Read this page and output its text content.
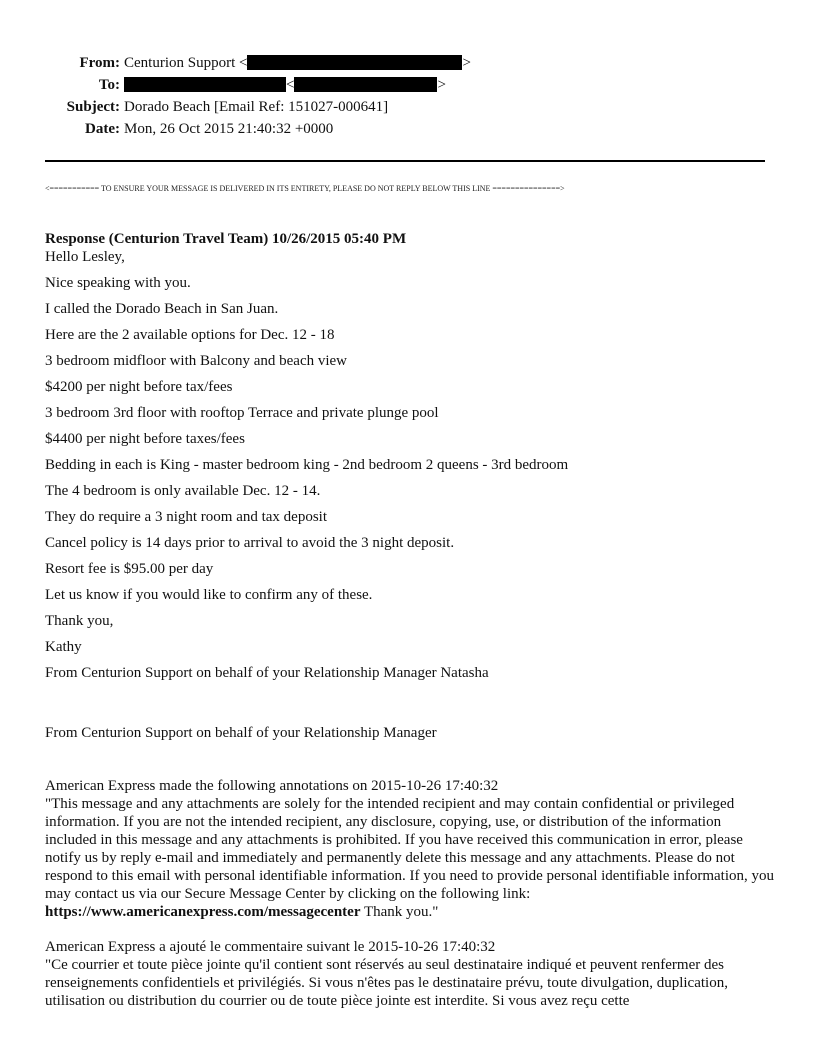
From: Centurion Support <	>
To:	<	>
Subject: Dorado Beach [Email Ref: 151027-000641]
Date: Mon, 26 Oct 2015 21:40:32 +0000
<=========== TO ENSURE YOUR MESSAGE IS DELIVERED IN ITS ENTIRETY, PLEASE DO NOT REPLY BELOW THIS LINE ===============>
Response (Centurion Travel Team) 10/26/2015 05:40 PM
Hello Lesley,
Nice speaking with you.
I called the Dorado Beach in San Juan.
Here are the 2 available options for Dec. 12 - 18
3 bedroom midfloor with Balcony and beach view
$4200 per night before tax/fees
3 bedroom 3rd floor with rooftop Terrace and private plunge pool
$4400 per night before taxes/fees
Bedding in each is King - master bedroom king - 2nd bedroom 2 queens - 3rd bedroom
The 4 bedroom is only available Dec. 12 - 14.
They do require a 3 night room and tax deposit
Cancel policy is 14 days prior to arrival to avoid the 3 night deposit.
Resort fee is $95.00 per day
Let us know if you would like to confirm any of these.
Thank you,
Kathy
From Centurion Support on behalf of your Relationship Manager Natasha
From Centurion Support on behalf of your Relationship Manager

American Express made the following annotations on 2015-10-26 17:40:32

"This message and any attachments are solely for the intended recipient and may contain confidential or privileged information. If you are not the intended recipient, any disclosure, copying, use, or distribution of the information included in this message and any attachments is prohibited. If you have received this communication in error, please notify us by reply e-mail and immediately and permanently delete this message and any attachments. Please do not respond to this email with personal identifiable information. If you need to provide personal identifiable information, you may contact us via our Secure Message Center by clicking on the following link: https://www.americanexpress.com/messagecenter Thank you."

American Express a ajouté le commentaire suivant le 2015-10-26 17:40:32

"Ce courrier et toute pièce jointe qu'il contient sont réservés au seul destinataire indiqué et peuvent renfermer des renseignements confidentiels et privilégiés. Si vous n'êtes pas le destinataire prévu, toute divulgation, duplication, utilisation ou distribution du courrier ou de toute pièce jointe est interdite. Si vous avez reçu cette
